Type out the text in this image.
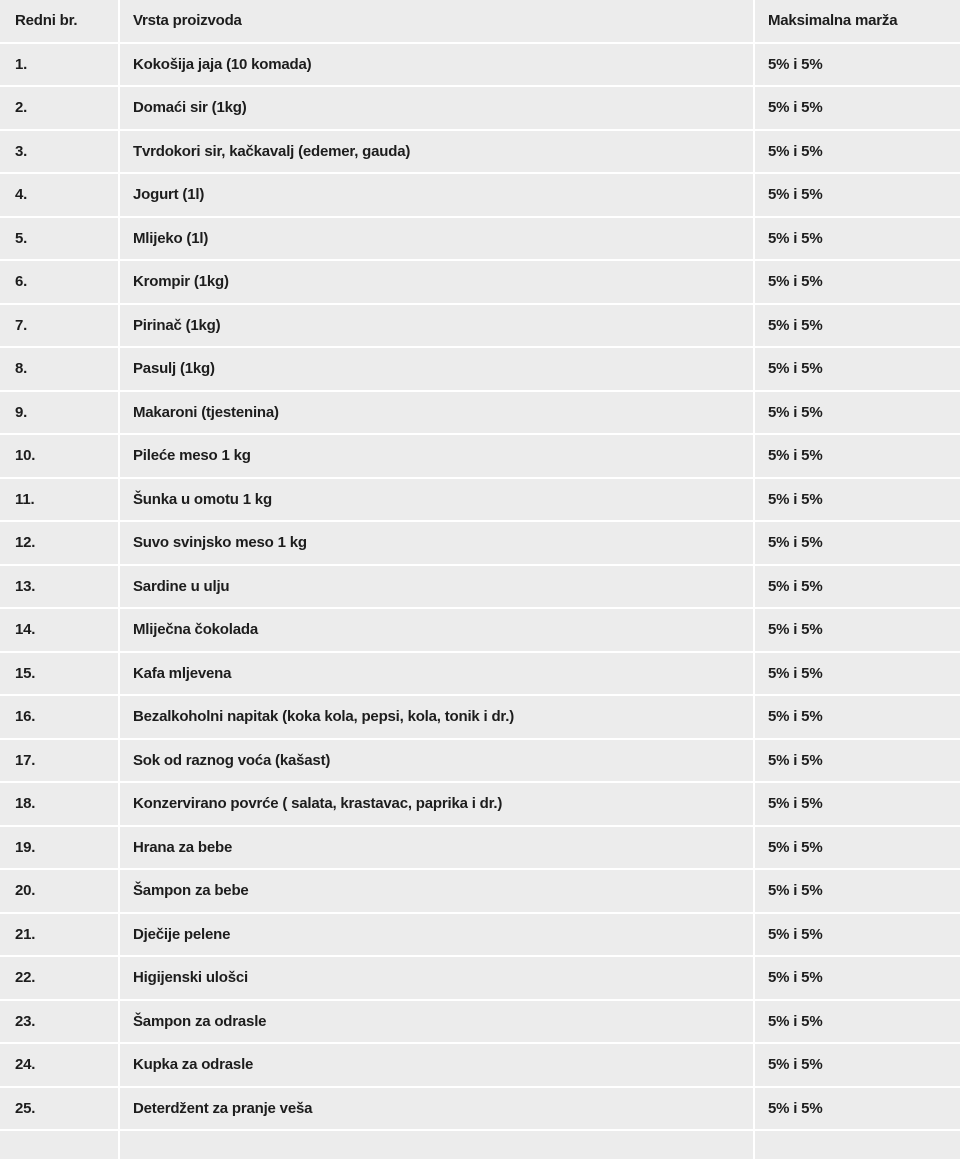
Redni br.	Vrsta proizvoda	Maksimalna marža
1.	Kokošija jaja (10 komada)	5% i 5%
2.	Domaći sir (1kg)	5% i 5%
3.	Tvrdokori sir, kačkavalj (edemer, gauda)	5% i 5%
4.	Jogurt (1l)	5% i 5%
5.	Mlijeko (1l)	5% i 5%
6.	Krompir (1kg)	5% i 5%
7.	Pirinač (1kg)	5% i 5%
8.	Pasulj (1kg)	5% i 5%
9.	Makaroni (tjestenina)	5% i 5%
10.	Pileće meso 1 kg	5% i 5%
11.	Šunka u omotu 1 kg	5% i 5%
12.	Suvo svinjsko meso 1 kg	5% i 5%
13.	Sardine u ulju	5% i 5%
14.	Mliječna čokolada	5% i 5%
15.	Kafa mljevena	5% i 5%
16.	Bezalkoholni napitak (koka kola, pepsi, kola, tonik i dr.)	5% i 5%
17.	Sok od raznog voća (kašast)	5% i 5%
18.	Konzervirano povrće ( salata, krastavac, paprika i dr.)	5% i 5%
19.	Hrana za bebe	5% i 5%
20.	Šampon za bebe	5% i 5%
21.	Dječije pelene	5% i 5%
22.	Higijenski ulošci	5% i 5%
23.	Šampon za odrasle	5% i 5%
24.	Kupka za odrasle	5% i 5%
25.	Deterdžent za pranje veša	5% i 5%
